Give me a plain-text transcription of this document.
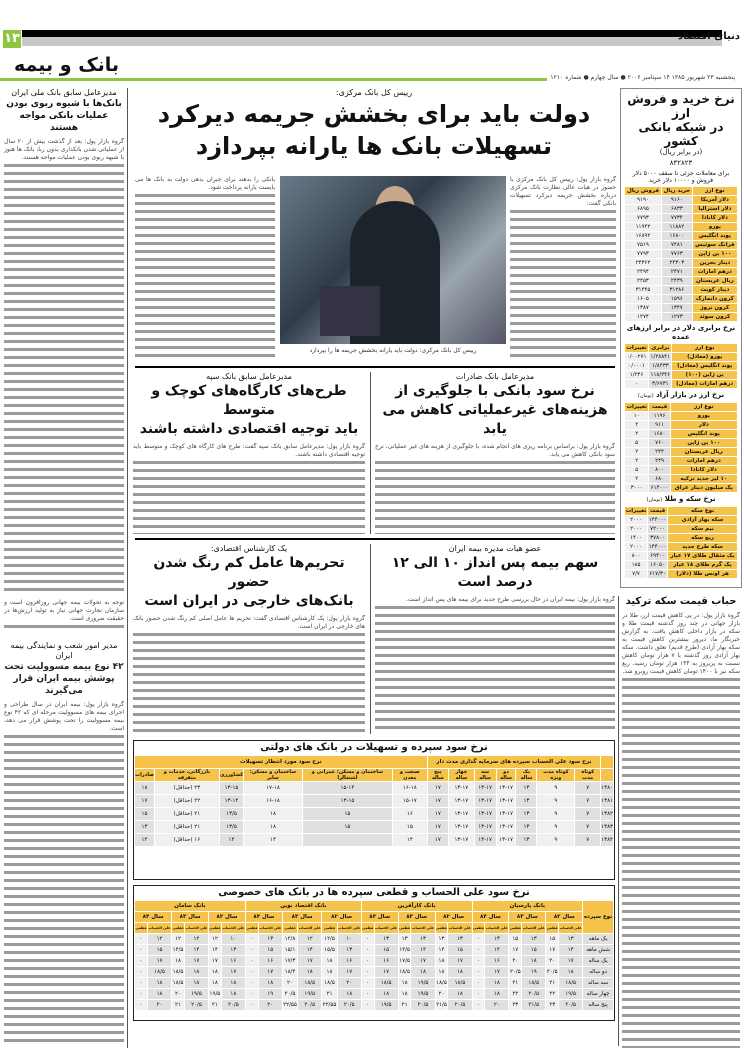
۱۳	دنیای اقتصاد
بانک و بیمه
پنجشنبه ۲۳ شهریور ۱۳۸۵ ۱۴ سپتامبر ۲۰۰۶ ● سال چهارم ● شماره ۱۲۱۰
نرخ خرید و فروش ارز
در شبکه بانکی کشور
(در برابر ریال)
۸۳۲۸۲۳
برای معاملات جزئی تا سقف ۵۰۰۰ دلار فروش و ۱۰۰۰۰ دلار خرید
نوع ارز	خرید ریال	فروش ریال
دلار آمریکا	۹۱۶۰	۹۱۹۰
دلار استرالیا	۶۸۳۳	۶۸۹۵
دلار کانادا	۷۷۳۴	۷۷۹۳
یورو	۱۱۸۸۲	۱۱۹۴۲
پوند انگلیس	۱۶۸۰۰	۱۶۸۹۲
فرانک سوئیس	۷۴۸۱	۷۵۱۹
۱۰۰ ین ژاپن	۷۷۶۳	۷۷۹۳
دینار بحرین	۲۴۳۰۳	۲۴۳۶۲
درهم امارات	۲۴۷۱	۲۴۹۴
ریال عربستان	۲۴۳۹	۲۴۵۳
دینار کویت	۳۱۲۸۶	۳۱۴۴۵
کرون دانمارک	۱۵۹۶	۱۶۰۵
کرون نروژ	۱۳۴۷	۱۳۸۷
کرون سوئد	۱۲۷۳	۱۲۷۴
نرخ برابری دلار در برابر ارزهای عمده
نوع ارز	برابری	تغییرات
یورو (معادل)	۱/۲۸۸۴۱	۰/۰۰۲۷۱
پوند انگلیس (معادل)	۱/۸۴۳۳	۰/۰۰۰۱
ین ژاپن (۱۰۰)	۱۱۸/۲۴۶	۱/۲۴۶
درهم امارات (معادل)	۳/۶۷۳۱	۰
نرخ ارز در بازار آزاد (تومان)
نوع ارز	قیمت	تغییرات
یورو	۱۱۹۶	۱۰
دلار	۹۱۱	۲
پوند انگلیس	۱۶۸۰	۲
۱۰۰ ین ژاپن	۷۶۰	۵
ریال عربستان	۲۴۴	۲
درهم امارات	۲۴۹	۲
دلار کانادا	۸۰۰	۵
۱۰ لیر جدید ترکیه	۶۸۰	۲
یک میلیون دینار عراق	۶۱۴۰۰۰	۳۰۰۰
نرخ سکه و طلا (تومان)
نوع سکه	قیمت	تغییرات
سکه بهار آزادی	۱۴۴۰۰۰	۲۰۰۰
نیم سکه	۷۲۰۰۰	۲۰۰۰
ربع سکه	۳۷۸۰۰	۱۴۰۰
سکه طرح جدید	۱۴۴۰۰۰	۲۰۰۰
یک مثقال طلای ۱۷ عیار	۶۹۴۰۰	۸۰۰
یک گرم طلای ۱۸ عیار	۱۶۰۵۰	۱۸۵
هر اونس طلا (دلار)	۶۱۷/۳۰	۷/۷
حباب قیمت سکه ترکید
گروه بازار پول: در پی کاهش قیمت ارز، طلا در بازار جهانی در چند روز گذشته قیمت طلا و سکه در بازار داخلی کاهش یافت. به گزارش خبرنگار ما، دیروز بیشترین کاهش قیمت به سکه بهار آزادی (طرح قدیم) تعلق داشت. سکه بهار آزادی روز گذشته با ۷ هزار تومان کاهش نسبت به پریروز به ۱۴۴ هزار تومان رسید. ربع سکه نیز با ۱۴۰۰ تومان کاهش قیمت روبرو شد.
مدیرعامل سابق بانک ملی ایران
بانک‌ها با شیوه ربوی بودن عملیات بانکی مواجه هستند
گروه بازار پول: بعد از گذشت بیش از ۲۰ سال از عملیاتی شدن بانکداری بدون ربا، بانک ها هنوز با شبهه ربوی بودن عملیات مواجه هستند.
توجه به تحولات بیمه جهانی روزافزون است و سازمان تجارت جهانی نیاز به تولید ارزش‌ها در حقیقت ضروری است.
مدیر امور شعب و نمایندگی بیمه ایران
۴۲ نوع بیمه مسوولیت تحت پوشش بیمه ایران قرار می‌گیرند
گروه بازار پول: بیمه ایران در سال طراحی و اجرای بیمه های مسوولیت مرحله ای که ۴۲ نوع بیمه مسوولیت را تحت پوشش قرار می دهد، است.
رییس کل بانک مرکزی:
دولت باید برای بخشش جریمه دیرکرد
تسهیلات بانک ها یارانه بپردازد
گروه بازار پول: رییس کل بانک مرکزی با حضور در هیات عالی نظارت بانک مرکزی درباره بخشش جریمه دیرکرد تسهیلات بانکی گفت:
بانکی را بدهند برای جبران بدهی دولت به بانک ها می بایست یارانه پرداخت شود.
رییس کل بانک مرکزی: دولت باید یارانه بخشش جریمه ها را بپردازد
مدیرعامل بانک صادرات
نرخ سود بانکی با جلوگیری از
هزینه‌های غیرعملیاتی کاهش می یابد
گروه بازار پول: براساس برنامه ریزی های انجام شده، با جلوگیری از هزینه های غیر عملیاتی، نرخ سود بانکی کاهش می یابد.
مدیرعامل سابق بانک سپه
طرح‌های کارگاه‌های کوچک و متوسط
باید توجیه اقتصادی داشته باشند
گروه بازار پول: مدیرعامل سابق بانک سپه گفت: طرح های کارگاه های کوچک و متوسط باید توجیه اقتصادی داشته باشند.
عضو هیات مدیره بیمه ایران
سهم بیمه پس انداز ۱۰ الی ۱۲ درصد است
گروه بازار پول: بیمه ایران در حال بررسی طرح جدید برای بیمه های پس انداز است.
یک کارشناس اقتصادی:
تحریم‌ها عامل کم رنگ شدن حضور
بانک‌های خارجی در ایران است
گروه بازار پول: یک کارشناس اقتصادی گفت: تحریم ها عامل اصلی کم رنگ شدن حضور بانک های خارجی در ایران است.
نرخ سود سپرده و تسهیلات در بانک های دولتی
	نرخ سود علی الحساب سپرده های سرمایه گذاری مدت دار							نرخ سود مورد انتظار تسهیلات					
	کوتاه مدت	کوتاه مدت ویژه	یک ساله	دو ساله	سه ساله	چهار ساله	پنج ساله	صنعت و معدن	ساختمان و مسکن: عمرانی و اشتغالزا	ساختمان و مسکن: سایر	کشاورزی	بازرگانی، خدمات و متفرقه	صادرات
۱۳۸۰	۷	۹	۱۳	۱۳-۱۷	۱۳-۱۷	۱۳-۱۷	۱۷	۱۶-۱۸	۱۵-۱۴	۱۷-۱۸	۱۳-۱۵	۲۳ (حداقل)	۱۸
۱۳۸۱	۷	۹	۱۳	۱۳-۱۷	۱۳-۱۷	۱۳-۱۷	۱۷	۱۵-۱۷	۱۳-۱۵	۱۶-۱۸	۱۳-۱۴	۲۲ (حداقل)	۱۷
۱۳۸۲	۷	۹	۱۳	۱۳-۱۷	۱۳-۱۷	۱۳-۱۷	۱۷	۱۶	۱۵	۱۸	۱۳/۵	۲۱ (حداقل)	۱۵
۱۳۸۳	۷	۹	۱۳	۱۳-۱۷	۱۳-۱۷	۱۳-۱۷	۱۷	۱۵	۱۵	۱۸	۱۳/۵	۲۱ (حداقل)	۱۳
۱۳۸۴	۷	۹	۱۳	۱۳-۱۷	۱۳-۱۷	۱۳-۱۷	۱۷	۱۴		۱۴	۱۴	۱۶ (حداقل)	۱۴
نرخ سود علی الحساب و قطعی سپرده ها در بانک های خصوصی
نوع سپرده	بانک پارسیان						بانک کارآفرین						بانک اقتصاد نوین						بانک سامان					
	سال ۸۲		سال ۸۳		سال ۸۴		سال ۸۲		سال ۸۳		سال ۸۴		سال ۸۲		سال ۸۳		سال ۸۴		سال ۸۲		سال ۸۳		سال ۸۴	
	علی الحساب	قطعی	علی الحساب	قطعی	علی الحساب	قطعی	علی الحساب	قطعی	علی الحساب	قطعی	علی الحساب	قطعی	علی الحساب	قطعی	علی الحساب	قطعی	علی الحساب	قطعی	علی الحساب	قطعی	علی الحساب	قطعی	علی الحساب	قطعی
یک ماهه	۱۳	۱۵	۱۳	۱۵	۱۳	۰	۱۳	۱۳	۱۳	۱۳	۱۳	۰	۱۰	۱۲/۵	۱۲	۱۲/۸	۱۳	۰	۱۰	۱۲	۱۲	۱۲	۱۲	۰
شش ماهه	۱۴	۱۷	۱۵	۱۷	۱۴	۰	۱۵	۱۴	۱۴	۱۴/۵	۱۵	۰	۱۳	۱۵/۵	۱۴	۱۵/۱	۱۵	۰	۱۳	۱۴	۱۴	۱۴/۵	۱۵	۰
یک ساله	۱۷	۲۰	۱۸	۲۰	۱۶	۰	۱۷	۱۸	۱۷	۱۷/۵	۱۶	۰	۱۶	۱۸	۱۷	۱۷/۳	۱۶	۰	۱۶	۱۷	۱۷	۱۸	۱۷	۰
دو ساله	۱۸	۲۰/۵	۱۹	۲۰/۵	۱۷	۰	۱۸	۱۸	۱۸	۱۸/۵	۱۷	۰	۱۷	۱۸	۱۸	۱۸/۴	۱۷	۰	۱۷	۱۸	۱۸	۱۸/۵	۱۸/۵	۰
سه ساله	۱۸/۵	۲۱	۱۸/۵	۲۱	۱۸	۰	۱۸/۵	۱۸/۵	۱۹/۵	۱۸	۱۸/۵	۰	۲۰	۱۸/۵	۱۸/۵	۲۰	۱۸	۰	۱۸	۱۸	۱۸	۱۸/۵	۱۸	۰
چهار ساله	۱۹/۵	۲۲	۲۰/۵	۲۲	۱۸	۰	۱۸	۲۰	۱۹/۵	۱۸	۱۸	۰	۱۸	۲۱	۱۹/۵	۲۰/۵	۱۹	۰	۱۸	۱۹/۵	۱۹/۵	۲۰	۱۸	۰
پنج ساله	۲۰/۵	۲۳	۲۱/۵	۲۳	۲۰	۰	۲۰/۵	۲۱/۵	۲۰/۵	۲۱	۱۹/۵	۰	۲۰/۵	۲۲/۵۵	۲۰/۵	۲۲/۵۵	۲۰	۰	۲۰/۵	۲۱	۲۰/۵	۲۱	۲۰	۰
